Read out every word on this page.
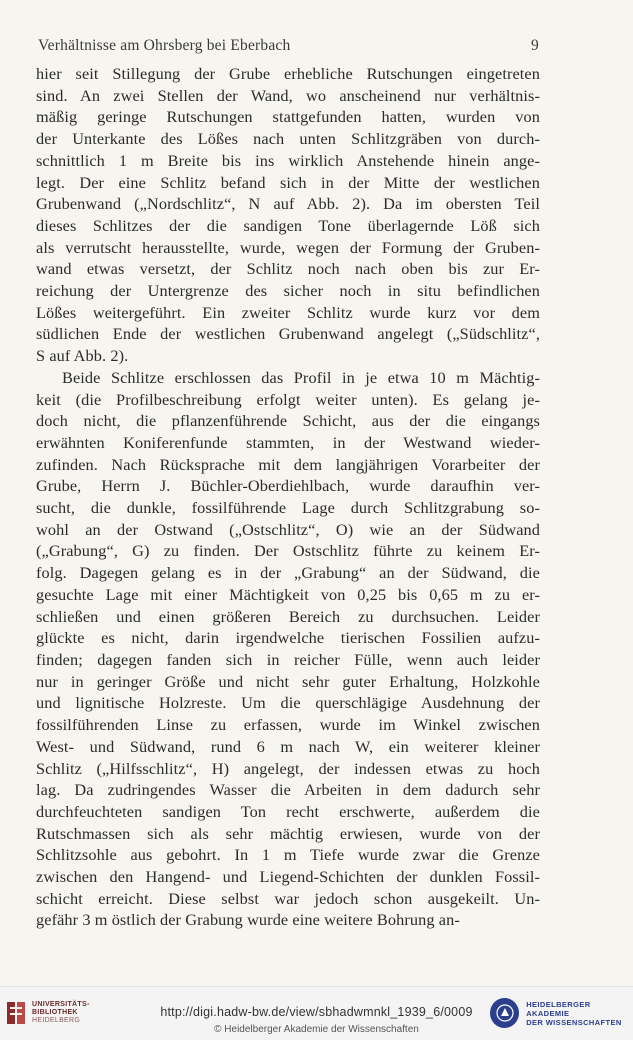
Verhältnisse am Ohrsberg bei Eberbach	9

hier seit Stillegung der Grube erhebliche Rutschungen eingetreten
sind. An zwei Stellen der Wand, wo anscheinend nur verhältnis-
mäßig geringe Rutschungen stattgefunden hatten, wurden von
der Unterkante des Lößes nach unten Schlitzgräben von durch-
schnittlich 1 m Breite bis ins wirklich Anstehende hinein ange-
legt. Der eine Schlitz befand sich in der Mitte der westlichen
Grubenwand („Nordschlitz“, N auf Abb. 2). Da im obersten Teil
dieses Schlitzes der die sandigen Tone überlagernde Löß sich
als verrutscht herausstellte, wurde, wegen der Formung der Gruben-
wand etwas versetzt, der Schlitz noch nach oben bis zur Er-
reichung der Untergrenze des sicher noch in situ befindlichen
Lößes weitergeführt. Ein zweiter Schlitz wurde kurz vor dem
südlichen Ende der westlichen Grubenwand angelegt („Südschlitz“,
S auf Abb. 2).

Beide Schlitze erschlossen das Profil in je etwa 10 m Mächtig-
keit (die Profilbeschreibung erfolgt weiter unten). Es gelang je-
doch nicht, die pflanzenführende Schicht, aus der die eingangs
erwähnten Koniferenfunde stammten, in der Westwand wieder-
zufinden. Nach Rücksprache mit dem langjährigen Vorarbeiter der
Grube, Herrn J. Büchler-Oberdiehlbach, wurde daraufhin ver-
sucht, die dunkle, fossilführende Lage durch Schlitzgrabung so-
wohl an der Ostwand („Ostschlitz“, O) wie an der Südwand
(„Grabung“, G) zu finden. Der Ostschlitz führte zu keinem Er-
folg. Dagegen gelang es in der „Grabung“ an der Südwand, die
gesuchte Lage mit einer Mächtigkeit von 0,25 bis 0,65 m zu er-
schließen und einen größeren Bereich zu durchsuchen. Leider
glückte es nicht, darin irgendwelche tierischen Fossilien aufzu-
finden; dagegen fanden sich in reicher Fülle, wenn auch leider
nur in geringer Größe und nicht sehr guter Erhaltung, Holzkohle
und lignitische Holzreste. Um die querschlägige Ausdehnung der
fossilführenden Linse zu erfassen, wurde im Winkel zwischen
West- und Südwand, rund 6 m nach W, ein weiterer kleiner
Schlitz („Hilfsschlitz“, H) angelegt, der indessen etwas zu hoch
lag. Da zudringendes Wasser die Arbeiten in dem dadurch sehr
durchfeuchteten sandigen Ton recht erschwerte, außerdem die
Rutschmassen sich als sehr mächtig erwiesen, wurde von der
Schlitzsohle aus gebohrt. In 1 m Tiefe wurde zwar die Grenze
zwischen den Hangend- und Liegend-Schichten der dunklen Fossil-
schicht erreicht. Diese selbst war jedoch schon ausgekeilt. Un-
gefähr 3 m östlich der Grabung wurde eine weitere Bohrung an-

UNIVERSITÄTS-
BIBLIOTHEK
HEIDELBERG
http://digi.hadw-bw.de/view/sbhadwmnkl_1939_6/0009
© Heidelberger Akademie der Wissenschaften
HEIDELBERGER AKADEMIE
DER WISSENSCHAFTEN
